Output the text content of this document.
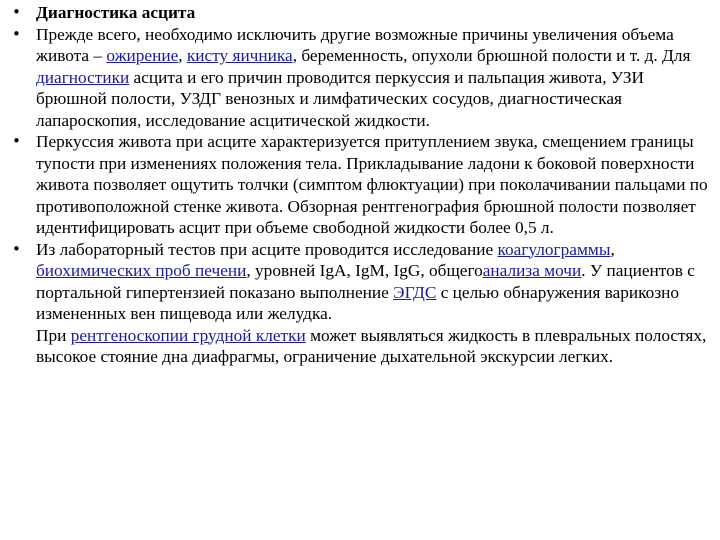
• Диагностика асцита
• Прежде всего, необходимо исключить другие возможные причины увеличения объема живота – ожирение, кисту яичника, беременность, опухоли брюшной полости и т. д. Для диагностики асцита и его причин проводится перкуссия и пальпация живота, УЗИ брюшной полости, УЗДГ венозных и лимфатических сосудов, диагностическая лапароскопия, исследование асцитической жидкости.
• Перкуссия живота при асците характеризуется притуплением звука, смещением границы тупости при изменениях положения тела. Прикладывание ладони к боковой поверхности живота позволяет ощутить толчки (симптом флюктуации) при поколачивании пальцами по противоположной стенке живота. Обзорная рентгенография брюшной полости позволяет идентифицировать асцит при объеме свободной жидкости более 0,5 л.
• Из лабораторный тестов при асците проводится исследование коагулограммы, биохимических проб печени, уровней IgA, IgM, IgG, общегоанализа мочи. У пациентов с портальной гипертензией показано выполнение ЭГДС с целью обнаружения варикозно измененных вен пищевода или желудка.
При рентгеноскопии грудной клетки может выявляться жидкость в плевральных полостях, высокое стояние дна диафрагмы, ограничение дыхательной экскурсии легких.
